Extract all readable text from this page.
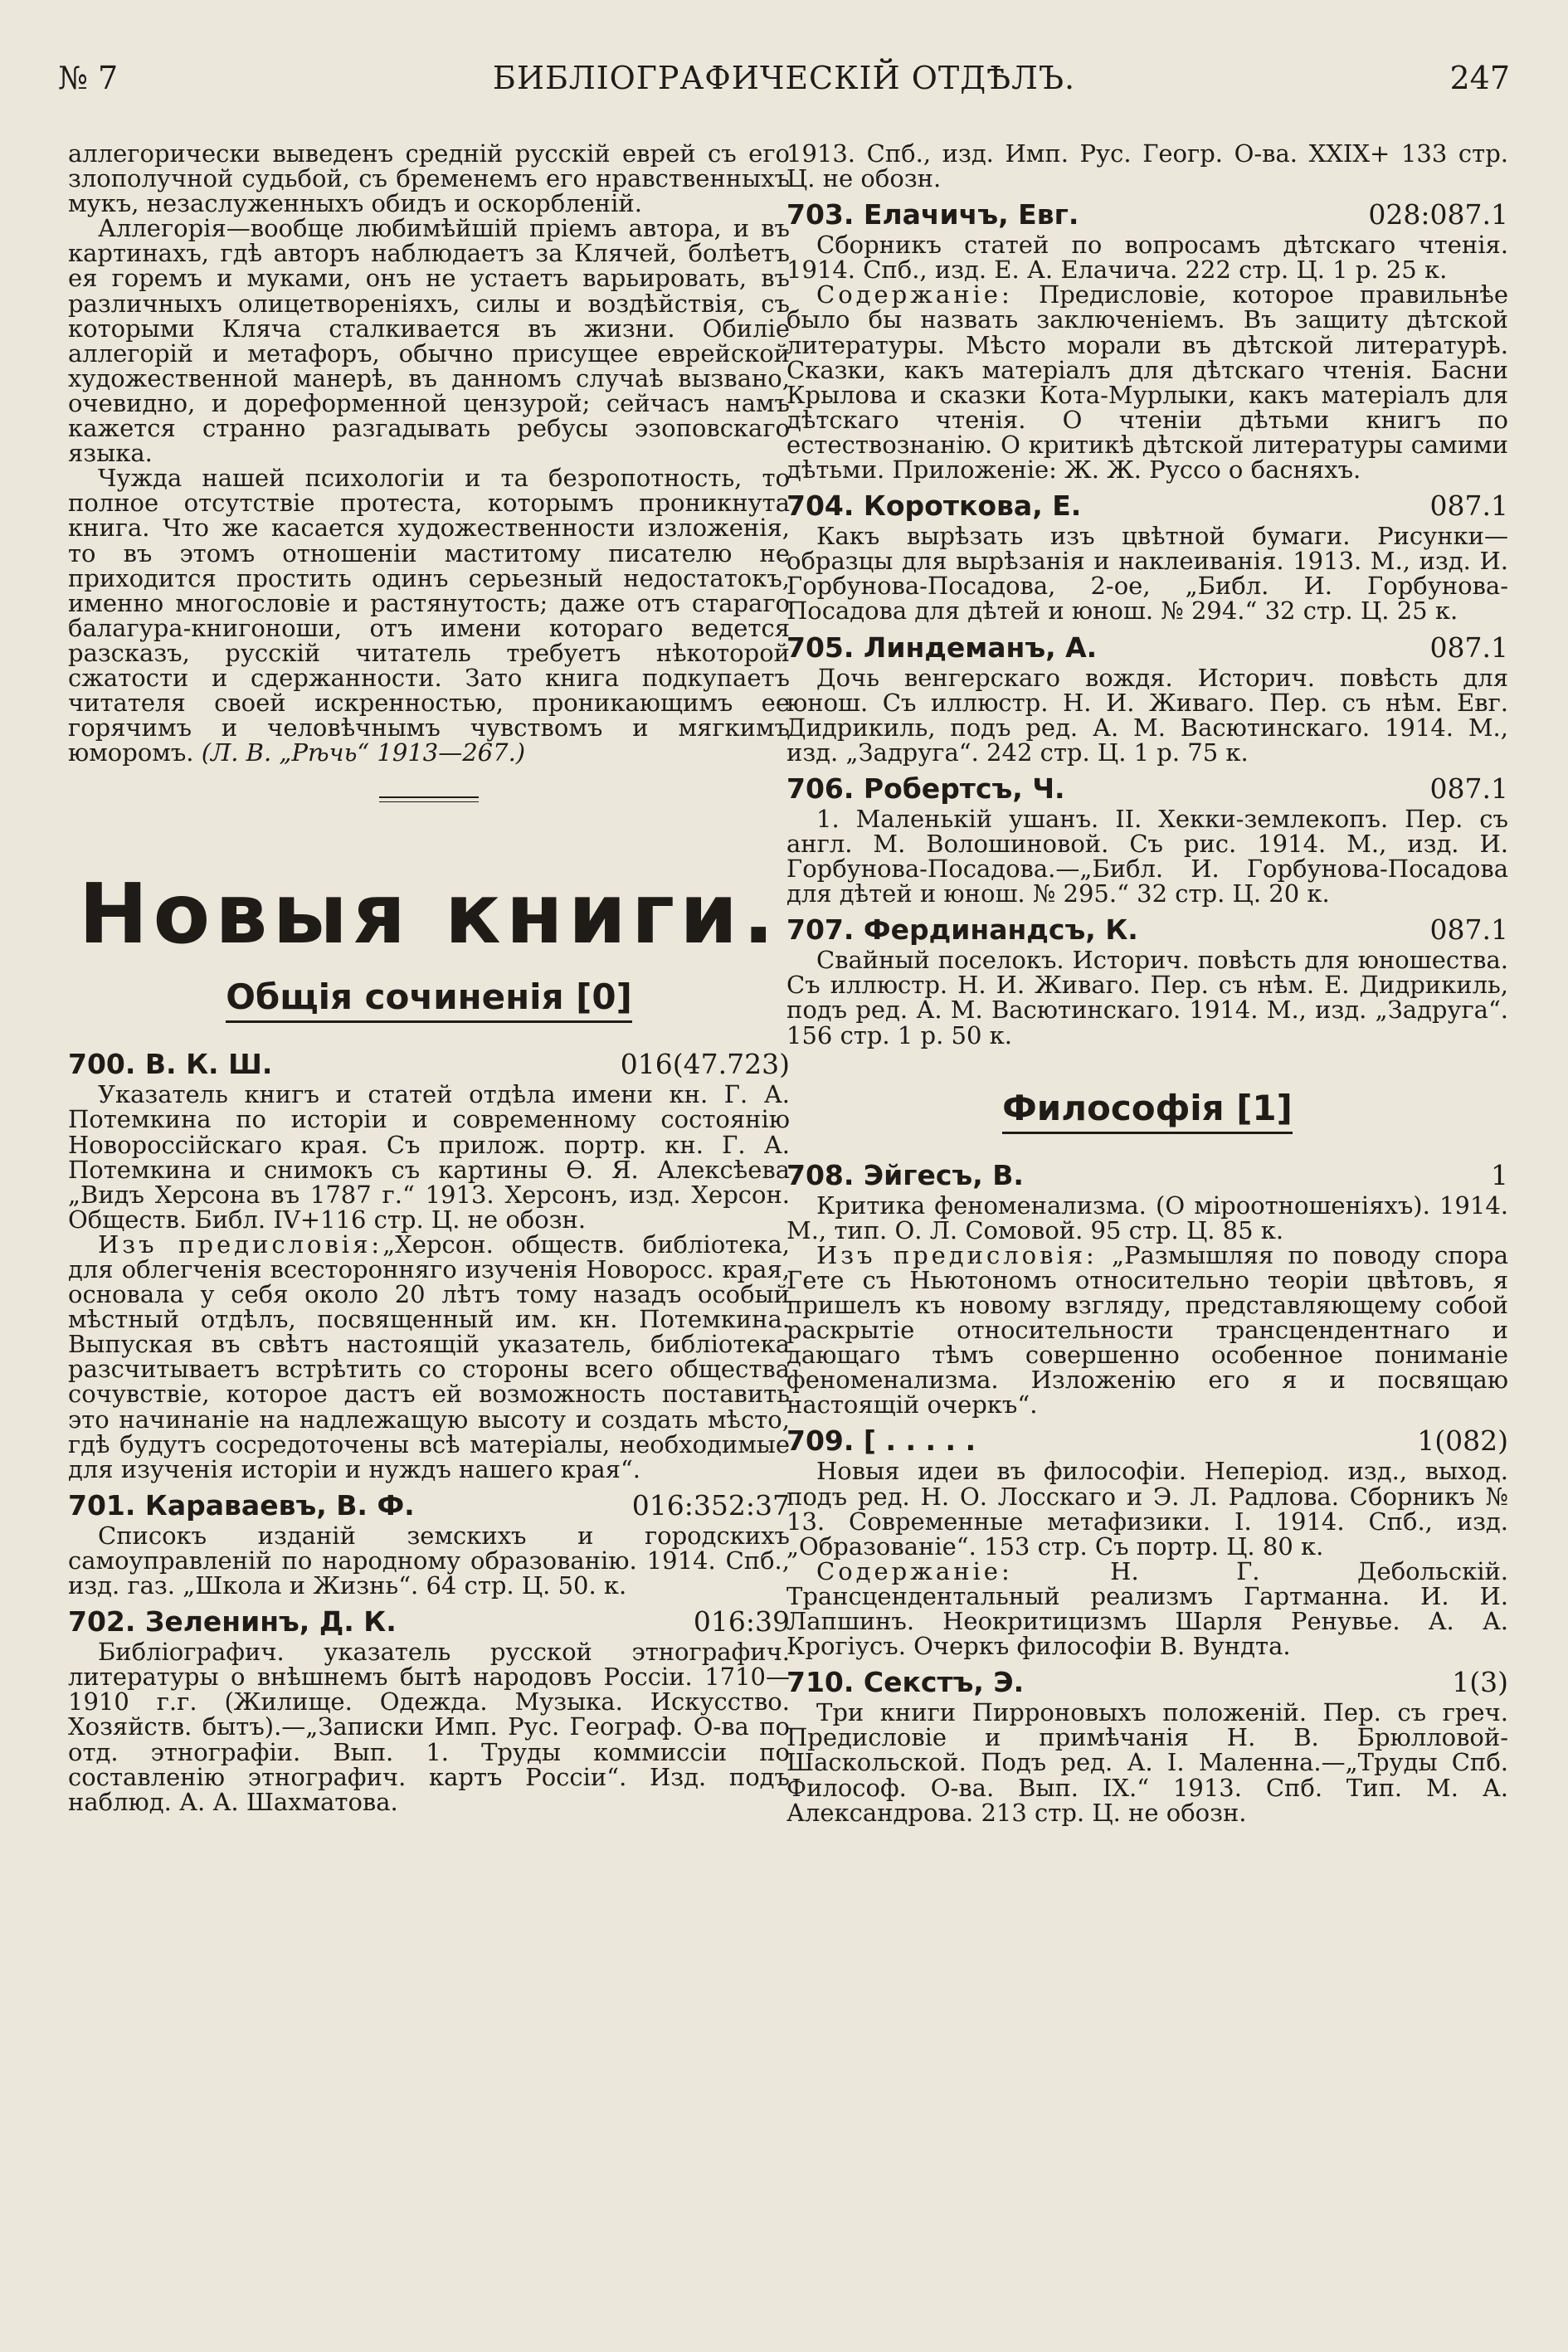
№ 7	БИБЛІОГРАФИЧЕСКІЙ ОТДѢЛЪ.	247

аллегорически выведенъ средній русскій еврей съ его злополучной судьбой, съ бременемъ его нравственныхъ мукъ, незаслуженныхъ обидъ и оскорбленій.

Аллегорія—вообще любимѣйшій пріемъ автора, и въ картинахъ, гдѣ авторъ наблюдаетъ за Клячей, болѣетъ ея горемъ и муками, онъ не устаетъ варьировать, въ различныхъ олицетвореніяхъ, силы и воздѣйствія, съ которыми Кляча сталкивается въ жизни. Обиліе аллегорій и метафоръ, обычно присущее еврейской художественной манерѣ, въ данномъ случаѣ вызвано, очевидно, и дореформенной цензурой; сейчасъ намъ кажется странно разгадывать ребусы эзоповскаго языка.

Чужда нашей психологіи и та безропотность, то полное отсутствіе протеста, которымъ проникнута книга. Что же касается художественности изложенія, то въ этомъ отношеніи маститому писателю не приходится простить одинъ серьезный недостатокъ, именно многословіе и растянутость; даже отъ стараго балагура-книгоноши, отъ имени котораго ведется разсказъ, русскій читатель требуетъ нѣкоторой сжатости и сдержанности. Зато книга подкупаетъ читателя своей искренностью, проникающимъ ее горячимъ и человѣчнымъ чувствомъ и мягкимъ юморомъ. (Л. В. „Рѣчь“ 1913—267.)

Новыя книги.
Общія сочиненія [0]
700. В. К. Ш.	016(47.723)

Указатель книгъ и статей отдѣла имени кн. Г. А. Потемкина по исторіи и современному состоянію Новороссійскаго края. Съ прилож. портр. кн. Г. А. Потемкина и снимокъ съ картины Ѳ. Я. Алексѣева „Видъ Херсона въ 1787 г.“ 1913. Херсонъ, изд. Херсон. Обществ. Библ. IV+116 стр. Ц. не обозн.

Изъ предисловія:„Херсон. обществ. библіотека, для облегченія всесторонняго изученія Новоросс. края, основала у себя около 20 лѣтъ тому назадъ особый мѣстный отдѣлъ, посвященный им. кн. Потемкина. Выпуская въ свѣтъ настоящій указатель, библіотека разсчитываетъ встрѣтить со стороны всего общества сочувствіе, которое дастъ ей возможность поставить это начинаніе на надлежащую высоту и создать мѣсто, гдѣ будутъ сосредоточены всѣ матеріалы, необходимые для изученія исторіи и нуждъ нашего края“.

701. Караваевъ, В. Ф.	016:352:37

Списокъ изданій земскихъ и городскихъ самоуправленій по народному образованію. 1914. Спб., изд. газ. „Школа и Жизнь“. 64 стр. Ц. 50. к.

702. Зеленинъ, Д. К.	016:39

Библіографич. указатель русской этнографич. литературы о внѣшнемъ бытѣ народовъ Россіи. 1710—1910 г.г. (Жилище. Одежда. Музыка. Искусство. Хозяйств. бытъ).—„Записки Имп. Рус. Географ. О-ва по отд. этнографіи. Вып. 1. Труды коммиссіи по составленію этнографич. картъ Россіи“. Изд. подъ наблюд. А. А. Шахматова.

1913. Спб., изд. Имп. Рус. Геогр. О-ва. XXIX+ 133 стр. Ц. не обозн.

703. Елачичъ, Евг.	028:087.1

Сборникъ статей по вопросамъ дѣтскаго чтенія. 1914. Спб., изд. Е. А. Елачича. 222 стр. Ц. 1 р. 25 к.

Содержаніе: Предисловіе, которое правильнѣе было бы назвать заключеніемъ. Въ защиту дѣтской литературы. Мѣсто морали въ дѣтской литературѣ. Сказки, какъ матеріалъ для дѣтскаго чтенія. Басни Крылова и сказки Кота-Мурлыки, какъ матеріалъ для дѣтскаго чтенія. О чтеніи дѣтьми книгъ по естествознанію. О критикѣ дѣтской литературы самими дѣтьми. Приложеніе: Ж. Ж. Руссо о басняхъ.

704. Короткова, Е.	087.1

Какъ вырѣзать изъ цвѣтной бумаги. Рисунки—образцы для вырѣзанія и наклеиванія. 1913. М., изд. И. Горбунова-Посадова, 2-ое, „Библ. И. Горбунова-Посадова для дѣтей и юнош. № 294.“ 32 стр. Ц. 25 к.

705. Линдеманъ, А.	087.1

Дочь венгерскаго вождя. Историч. повѣсть для юнош. Съ иллюстр. Н. И. Живаго. Пер. съ нѣм. Евг. Дидрикиль, подъ ред. А. М. Васютинскаго. 1914. М., изд. „Задруга“. 242 стр. Ц. 1 р. 75 к.

706. Робертсъ, Ч.	087.1

1. Маленькій ушанъ. II. Хекки-землекопъ. Пер. съ англ. М. Волошиновой. Съ рис. 1914. М., изд. И. Горбунова-Посадова.—„Библ. И. Горбунова-Посадова для дѣтей и юнош. № 295.“ 32 стр. Ц. 20 к.

707. Фердинандсъ, К.	087.1

Свайный поселокъ. Историч. повѣсть для юношества. Съ иллюстр. Н. И. Живаго. Пер. съ нѣм. Е. Дидрикиль, подъ ред. А. М. Васютинскаго. 1914. М., изд. „Задруга“. 156 стр. 1 р. 50 к.

Философія [1]
708. Эйгесъ, В.	1

Критика феноменализма. (О міроотношеніяхъ). 1914. М., тип. О. Л. Сомовой. 95 стр. Ц. 85 к.

Изъ предисловія: „Размышляя по поводу спора Гете съ Ньютономъ относительно теоріи цвѣтовъ, я пришелъ къ новому взгляду, представляющему собой раскрытіе относительности трансцендентнаго и дающаго тѣмъ совершенно особенное пониманіе феноменализма. Изложенію его я и посвящаю настоящій очеркъ“.

709. [ . . . . .	1(082)

Новыя идеи въ философіи. Неперіод. изд., выход. подъ ред. Н. О. Лосскаго и Э. Л. Радлова. Сборникъ № 13. Современные метафизики. I. 1914. Спб., изд. „Образованіе“. 153 стр. Съ портр. Ц. 80 к.

Содержаніе:	Н. Г. Дебольскій. Трансцендентальный реализмъ Гартманна. И. И. Лапшинъ. Неокритицизмъ Шарля Ренувье. А. А. Крогіусъ. Очеркъ философіи В. Вундта.

710. Секстъ, Э.	1(3)

Три книги Пирроновыхъ положеній. Пер. съ греч. Предисловіе и примѣчанія Н. В. Брюлловой-Шаскольской. Подъ ред. А. І. Маленна.—„Труды Спб. Философ. О-ва. Вып. IX.“ 1913. Спб. Тип. М. А. Александрова. 213 стр. Ц. не обозн.
